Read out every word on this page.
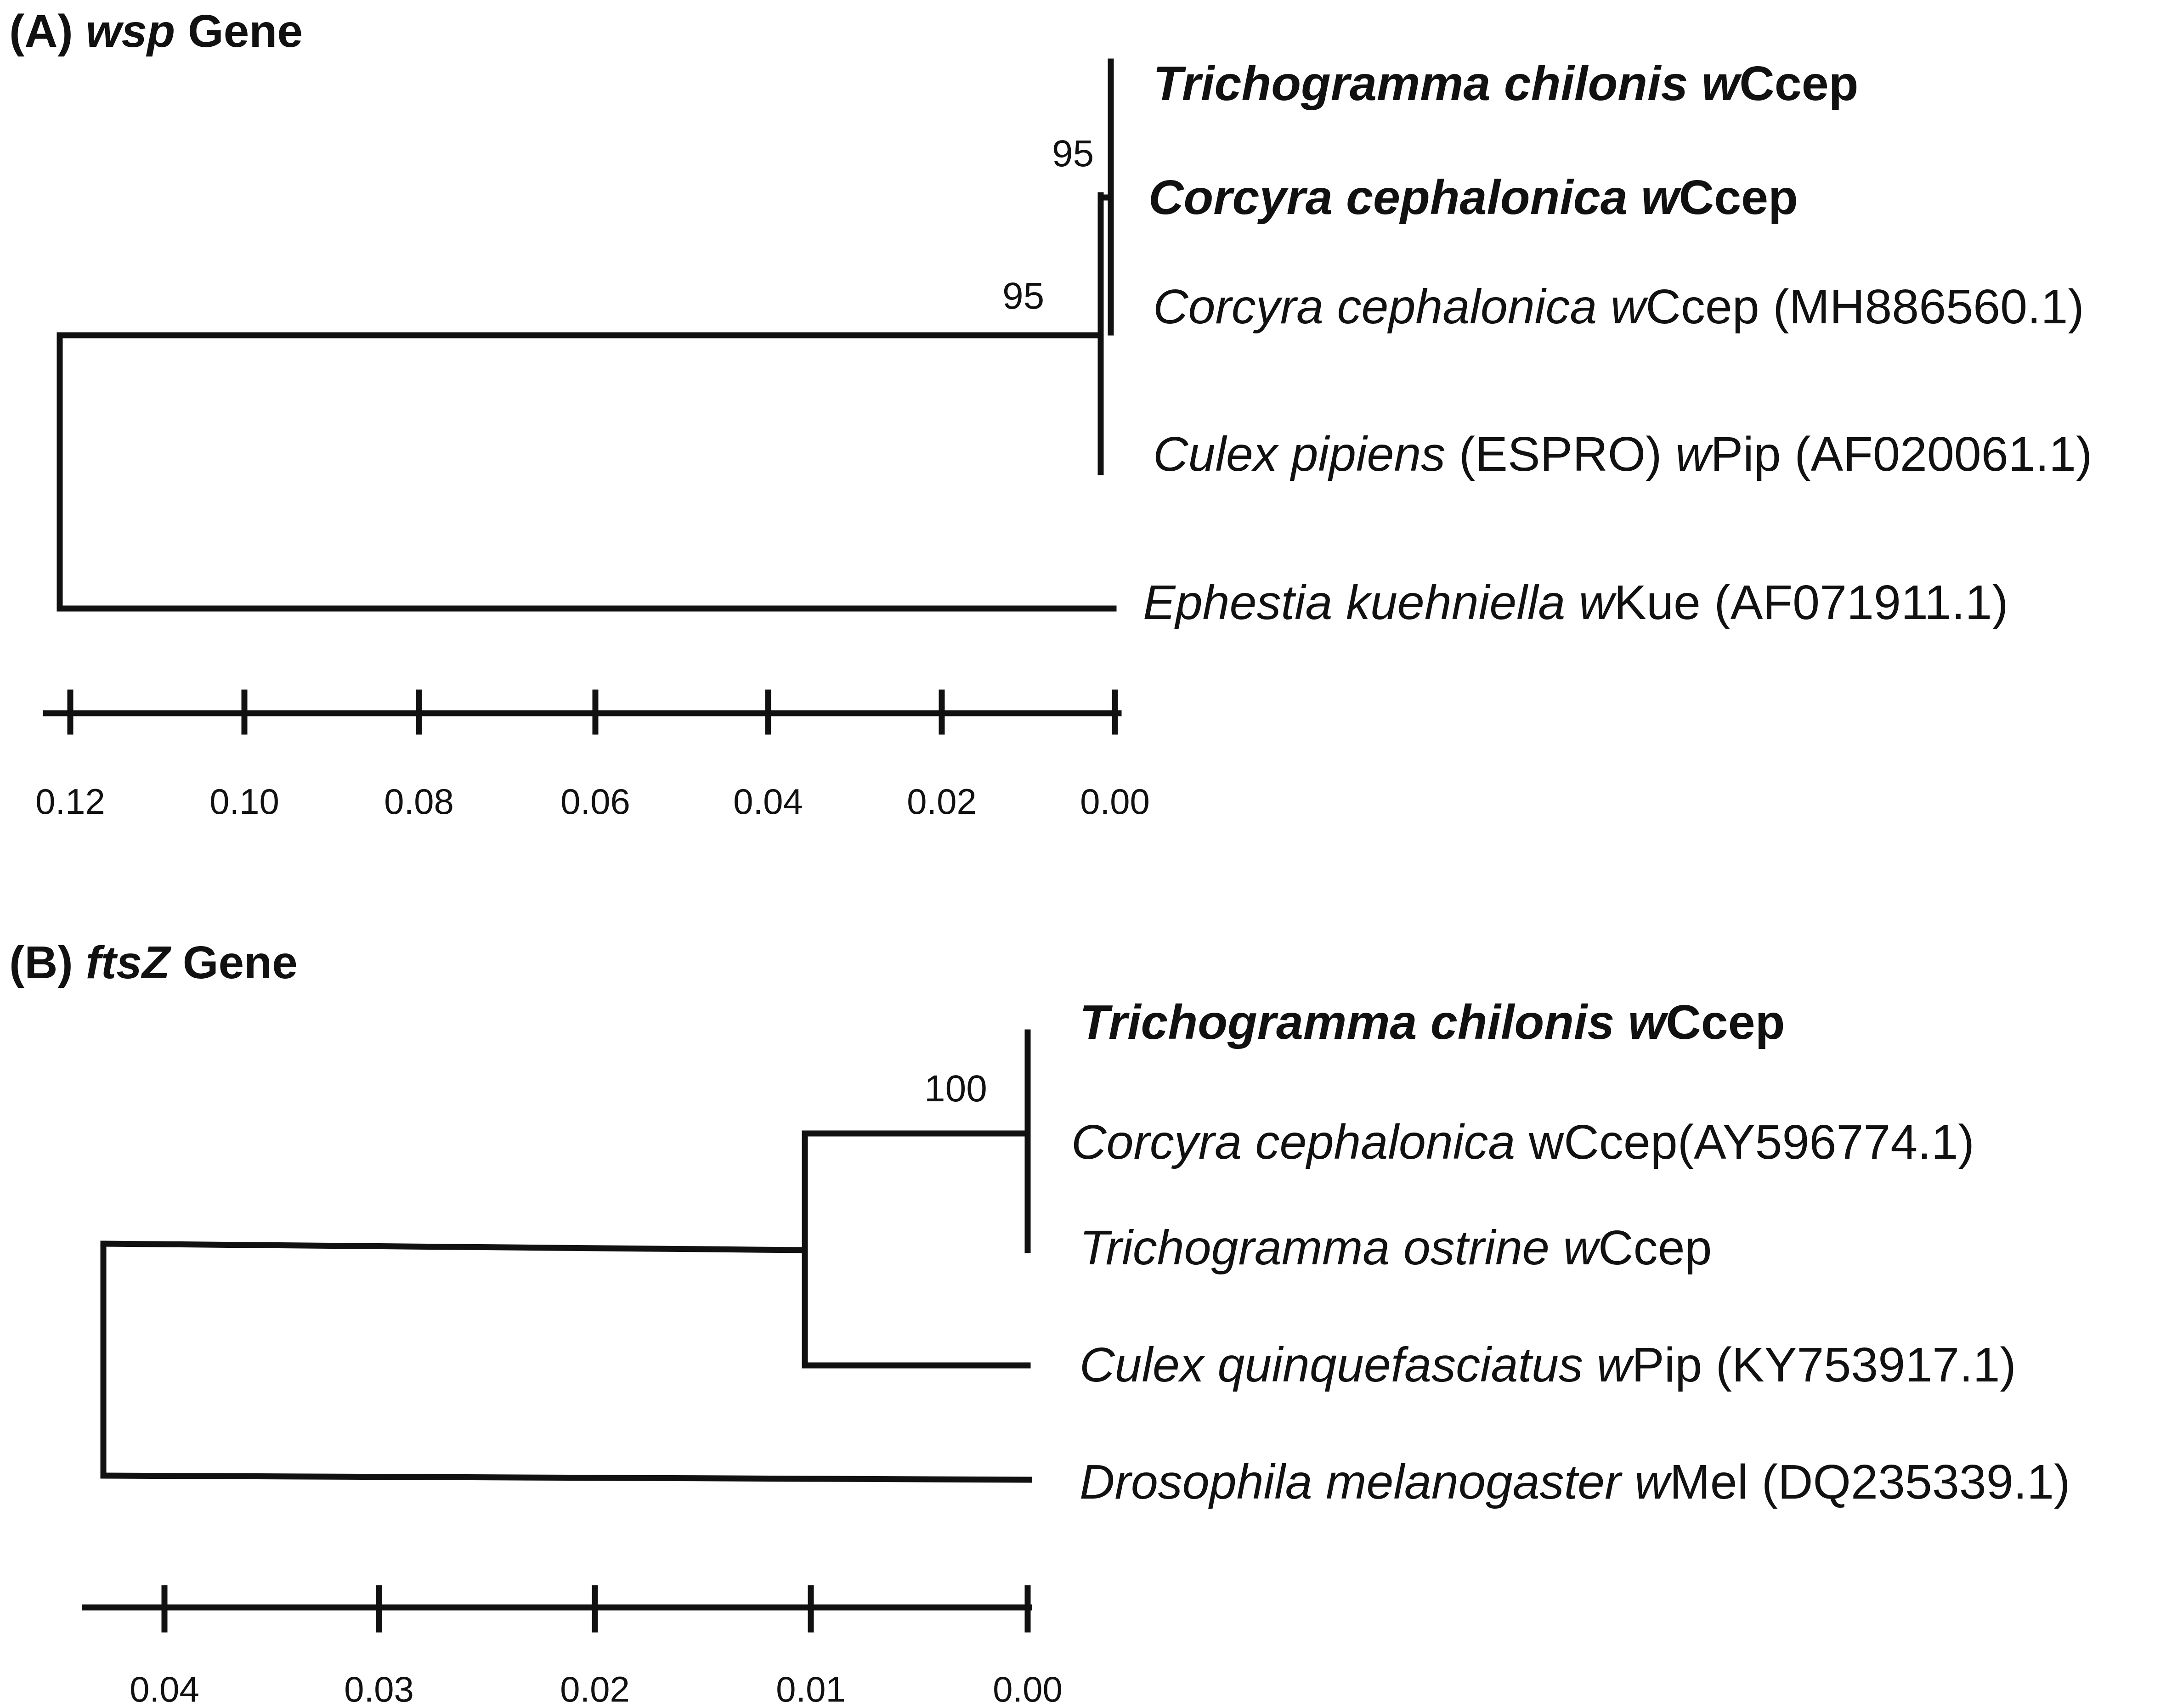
(A) wsp Gene
95
95
Trichogramma chilonis wCcep
Corcyra cephalonica wCcep
Corcyra cephalonica wCcep (MH886560.1)
Culex pipiens (ESPRO) wPip (AF020061.1)
Ephestia kuehniella wKue (AF071911.1)
0.12	0.10	0.08	0.06	0.04	0.02	0.00
(B) ftsZ Gene
100
Trichogramma chilonis wCcep
Corcyra cephalonica wCcep(AY596774.1)
Trichogramma ostrine wCcep
Culex quinquefasciatus wPip (KY753917.1)
Drosophila melanogaster wMel (DQ235339.1)
0.04	0.03	0.02	0.01	0.00
